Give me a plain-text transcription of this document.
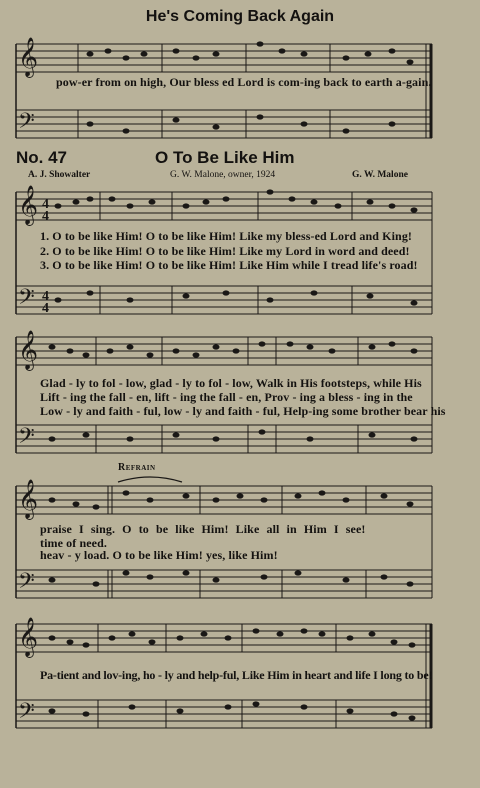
He's Coming Back Again
𝄞
𝄢
pow-er from on high, Our bless ed Lord is com-ing back to earth a-gain.
No. 47	O To Be Like Him
A. J. Showalter	G. W. Malone, owner, 1924	G. W. Malone
𝄞
𝄢
4
4
4
4
1. O to be like Him! O to be like Him! Like my bless-ed Lord and King!
2. O to be like Him! O to be like Him! Like my Lord in word and deed!
3. O to be like Him! O to be like Him! Like Him while I tread life's road!
𝄞
𝄢
Glad - ly to fol - low, glad - ly to fol - low, Walk in His footsteps, while His
Lift - ing the fall - en, lift - ing the fall - en, Prov - ing a bless - ing in the
Low - ly and faith - ful, low - ly and faith - ful, Help-ing some brother bear his
Refrain
𝄞
𝄢
praise I sing. O to be like Him! Like all in Him I see!
time of need.
heav - y load. O to be like Him! yes, like Him!
𝄞
𝄢
Pa-tient and lov-ing, ho - ly and help-ful, Like Him in heart and life I long to be!
